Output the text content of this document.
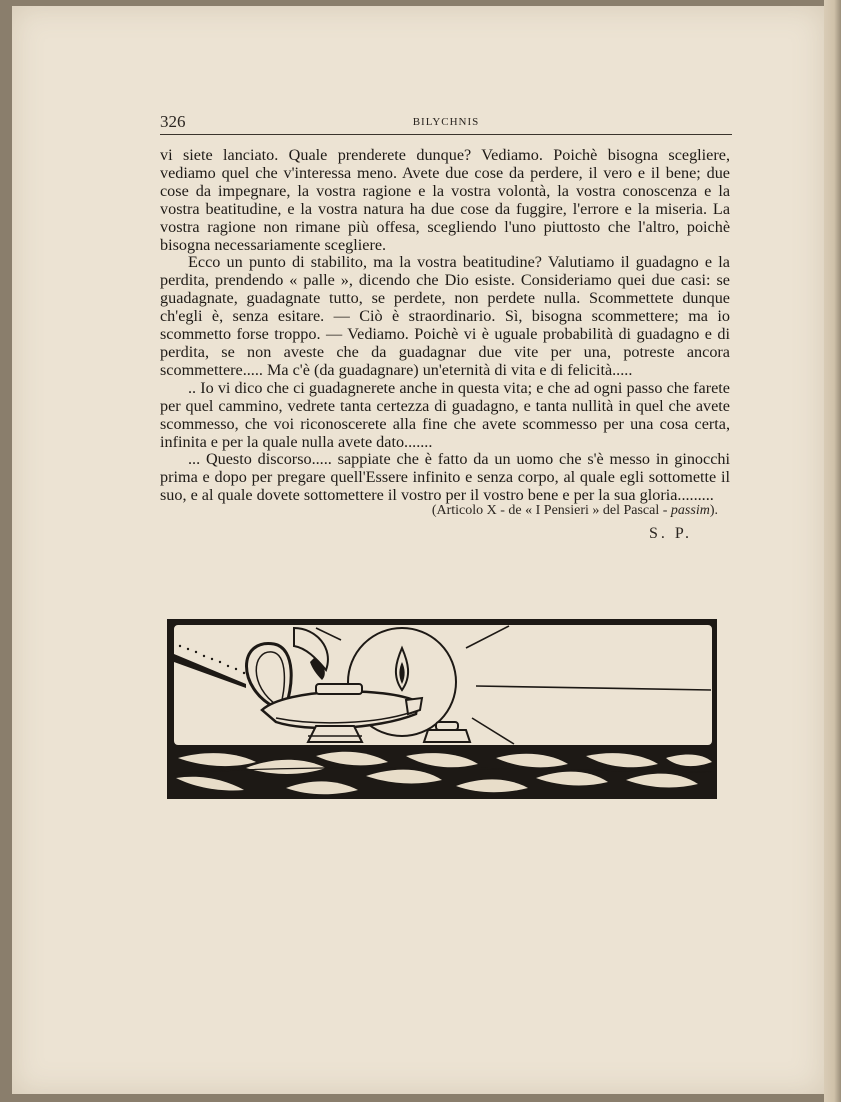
326	BILYCHNIS

vi siete lanciato. Quale prenderete dunque? Vediamo. Poichè bisogna scegliere, vediamo quel che v'interessa meno. Avete due cose da perdere, il vero e il bene; due cose da impegnare, la vostra ragione e la vostra volontà, la vostra conoscenza e la vostra beatitudine, e la vostra natura ha due cose da fuggire, l'errore e la miseria. La vostra ragione non rimane più offesa, scegliendo l'uno piuttosto che l'altro, poichè bisogna necessariamente scegliere.

Ecco un punto di stabilito, ma la vostra beatitudine? Valutiamo il guadagno e la perdita, prendendo « palle », dicendo che Dio esiste. Consideriamo quei due casi: se guadagnate, guadagnate tutto, se perdete, non perdete nulla. Scommettete dunque ch'egli è, senza esitare. — Ciò è straordinario. Sì, bisogna scommettere; ma io scommetto forse troppo. — Vediamo. Poichè vi è uguale probabilità di guadagno e di perdita, se non aveste che da guadagnar due vite per una, potreste ancora scommettere..... Ma c'è (da guadagnare) un'eternità di vita e di felicità.....

.. Io vi dico che ci guadagnerete anche in questa vita; e che ad ogni passo che farete per quel cammino, vedrete tanta certezza di guadagno, e tanta nullità in quel che avete scommesso, che voi riconoscerete alla fine che avete scommesso per una cosa certa, infinita e per la quale nulla avete dato.......

... Questo discorso..... sappiate che è fatto da un uomo che s'è messo in ginocchi prima e dopo per pregare quell'Essere infinito e senza corpo, al quale egli sottomette il suo, e al quale dovete sottomettere il vostro per il vostro bene e per la sua gloria.........

(Articolo X - de « I Pensieri » del Pascal - passim).
S. P.
